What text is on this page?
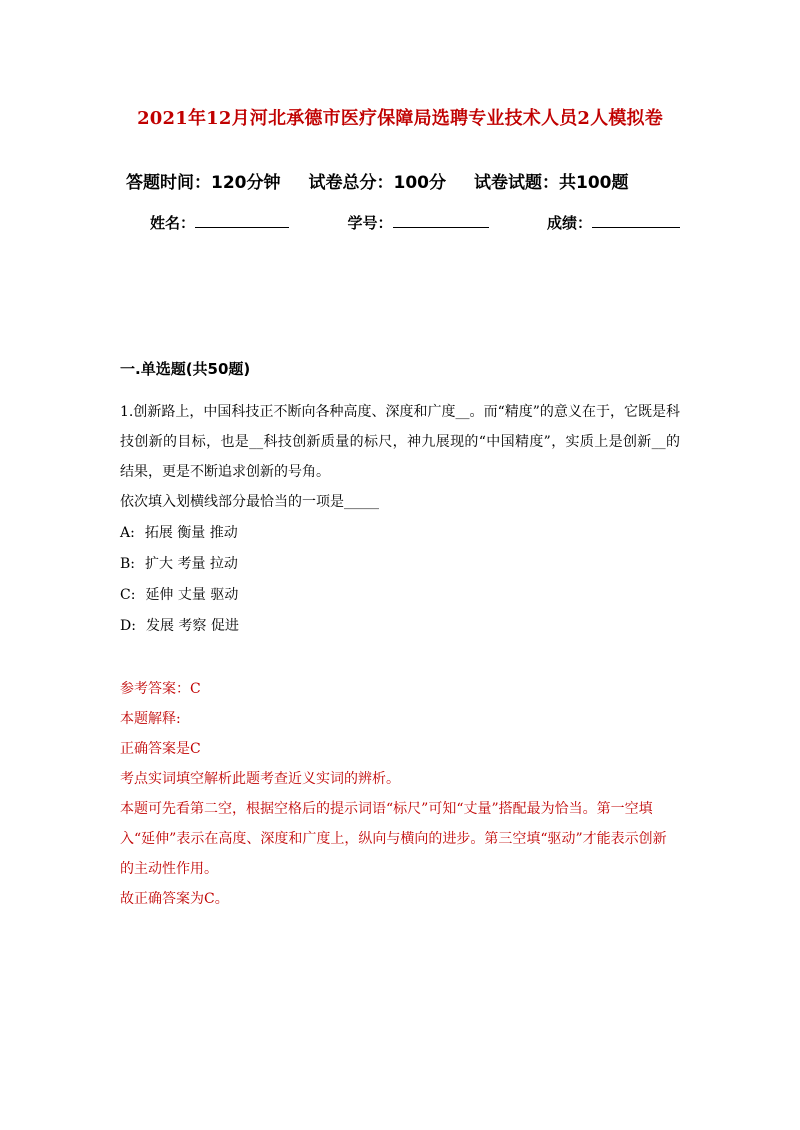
2021年12月河北承德市医疗保障局选聘专业技术人员2人模拟卷
答题时间：120分钟 试卷总分：100分 试卷试题：共100题
姓名：	学号：	成绩：
一.单选题(共50题)

1.创新路上，中国科技正不断向各种高度、深度和广度__。而“精度”的意义在于，它既是科技创新的目标，也是__科技创新质量的标尺，神九展现的“中国精度”，实质上是创新__的结果，更是不断追求创新的号角。

依次填入划横线部分最恰当的一项是_____

A: 拓展 衡量 推动
B: 扩大 考量 拉动
C: 延伸 丈量 驱动
D: 发展 考察 促进

参考答案：C

本题解释:

正确答案是C

考点实词填空解析此题考查近义实词的辨析。

本题可先看第二空，根据空格后的提示词语“标尺”可知“丈量”搭配最为恰当。第一空填入“延伸”表示在高度、深度和广度上，纵向与横向的进步。第三空填“驱动”才能表示创新的主动性作用。

故正确答案为C。
